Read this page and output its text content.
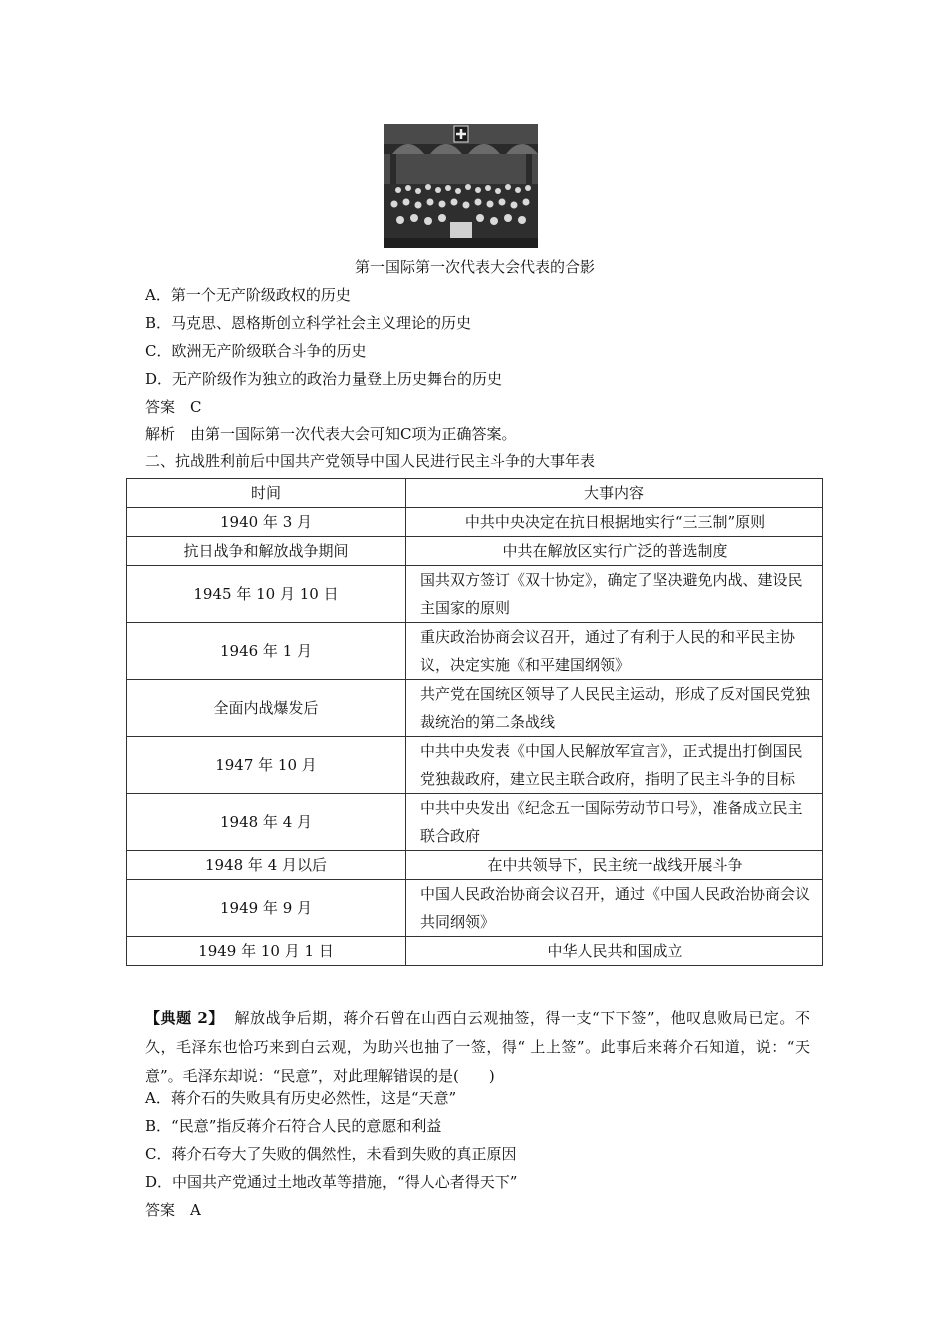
第一国际第一次代表大会代表的合影
A．第一个无产阶级政权的历史
B．马克思、恩格斯创立科学社会主义理论的历史
C．欧洲无产阶级联合斗争的历史
D．无产阶级作为独立的政治力量登上历史舞台的历史
答案　C
解析　由第一国际第一次代表大会可知C项为正确答案。
二、抗战胜利前后中国共产党领导中国人民进行民主斗争的大事年表
时间	大事内容
1940 年 3 月	中共中央决定在抗日根据地实行“三三制”原则
抗日战争和解放战争期间	中共在解放区实行广泛的普选制度
1945 年 10 月 10 日	国共双方签订《双十协定》，确定了坚决避免内战、建设民主国家的原则
1946 年 1 月	重庆政治协商会议召开，通过了有利于人民的和平民主协议，决定实施《和平建国纲领》
全面内战爆发后	共产党在国统区领导了人民民主运动，形成了反对国民党独裁统治的第二条战线
1947 年 10 月	中共中央发表《中国人民解放军宣言》，正式提出打倒国民党独裁政府，建立民主联合政府，指明了民主斗争的目标
1948 年 4 月	中共中央发出《纪念五一国际劳动节口号》，准备成立民主联合政府
1948 年 4 月以后	在中共领导下，民主统一战线开展斗争
1949 年 9 月	中国人民政治协商会议召开，通过《中国人民政治协商会议共同纲领》
1949 年 10 月 1 日	中华人民共和国成立
【典题 2】 解放战争后期，蒋介石曾在山西白云观抽签，得一支“下下签”，他叹息败局已定。不久，毛泽东也恰巧来到白云观，为助兴也抽了一签，得“ 上上签”。此事后来蒋介石知道，说：“天意”。毛泽东却说：“民意”，对此理解错误的是(　　)
A．蒋介石的失败具有历史必然性，这是“天意”
B．“民意”指反蒋介石符合人民的意愿和利益
C．蒋介石夸大了失败的偶然性，未看到失败的真正原因
D．中国共产党通过土地改革等措施，“得人心者得天下”
答案　A
